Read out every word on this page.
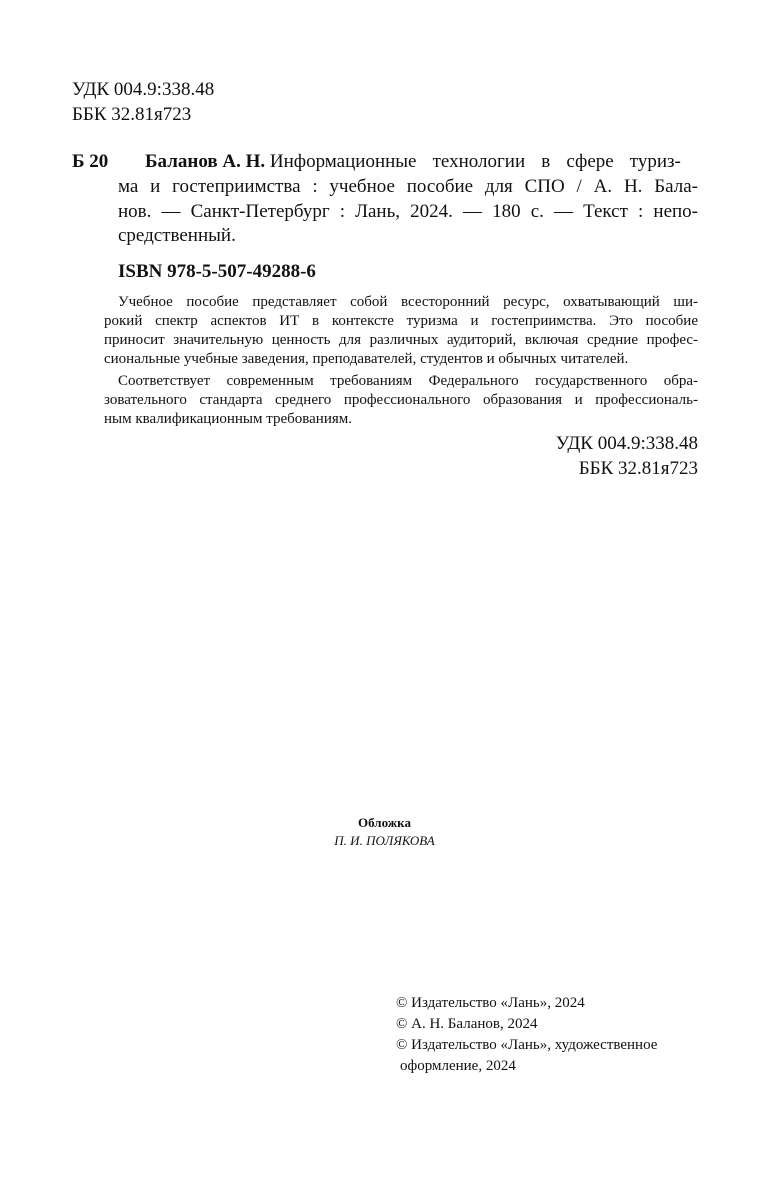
УДК 004.9:338.48
ББК 32.81я723
Б 20 Баланов А. Н. Информационные технологии в сфере туриз-
ма и гостеприимства : учебное пособие для СПО / А. Н. Бала-
нов. — Санкт-Петербург : Лань, 2024. — 180 с. — Текст : непо-
средственный.
ISBN 978-5-507-49288-6
Учебное пособие представляет собой всесторонний ресурс, охватывающий ши-
рокий спектр аспектов ИТ в контексте туризма и гостеприимства. Это пособие
приносит значительную ценность для различных аудиторий, включая средние профес-
сиональные учебные заведения, преподавателей, студентов и обычных читателей.
Соответствует современным требованиям Федерального государственного обра-
зовательного стандарта среднего профессионального образования и профессиональ-
ным квалификационным требованиям.
УДК 004.9:338.48
ББК 32.81я723
Обложка
П. И. ПОЛЯКОВА
© Издательство «Лань», 2024
© А. Н. Баланов, 2024
© Издательство «Лань», художественное
оформление, 2024
